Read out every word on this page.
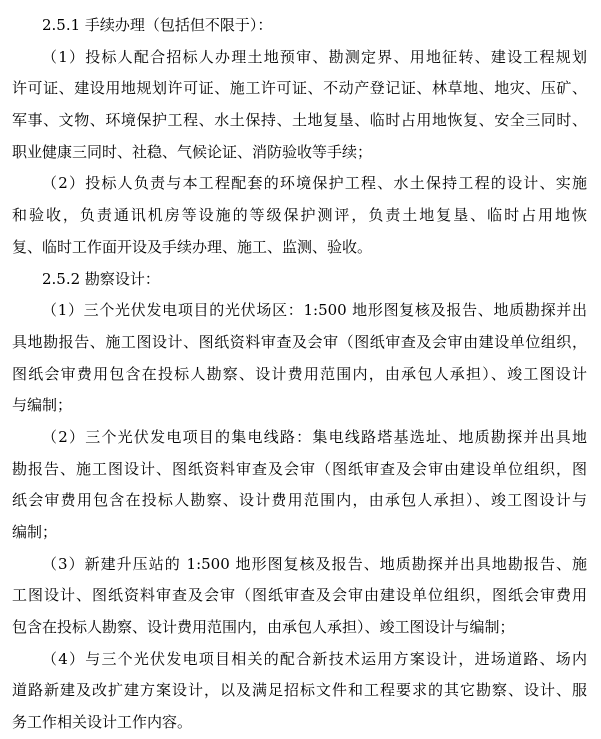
2.5.1 手续办理（包括但不限于）：
（1）投标人配合招标人办理土地预审、勘测定界、用地征转、建设工程规划
许可证、建设用地规划许可证、施工许可证、不动产登记证、林草地、地灾、压矿、
军事、文物、环境保护工程、水土保持、土地复垦、临时占用地恢复、安全三同时、
职业健康三同时、社稳、气候论证、消防验收等手续；
（2）投标人负责与本工程配套的环境保护工程、水土保持工程的设计、实施
和验收，负责通讯机房等设施的等级保护测评，负责土地复垦、临时占用地恢
复、临时工作面开设及手续办理、施工、监测、验收。
2.5.2 勘察设计：
（1）三个光伏发电项目的光伏场区：1:500 地形图复核及报告、地质勘探并出
具地勘报告、施工图设计、图纸资料审查及会审（图纸审查及会审由建设单位组织，
图纸会审费用包含在投标人勘察、设计费用范围内，由承包人承担）、竣工图设计
与编制；
（2）三个光伏发电项目的集电线路：集电线路塔基选址、地质勘探并出具地
勘报告、施工图设计、图纸资料审查及会审（图纸审查及会审由建设单位组织，图
纸会审费用包含在投标人勘察、设计费用范围内，由承包人承担）、竣工图设计与
编制；
（3）新建升压站的 1:500 地形图复核及报告、地质勘探并出具地勘报告、施
工图设计、图纸资料审查及会审（图纸审查及会审由建设单位组织，图纸会审费用
包含在投标人勘察、设计费用范围内，由承包人承担）、竣工图设计与编制；
（4）与三个光伏发电项目相关的配合新技术运用方案设计，进场道路、场内
道路新建及改扩建方案设计，以及满足招标文件和工程要求的其它勘察、设计、服
务工作相关设计工作内容。
